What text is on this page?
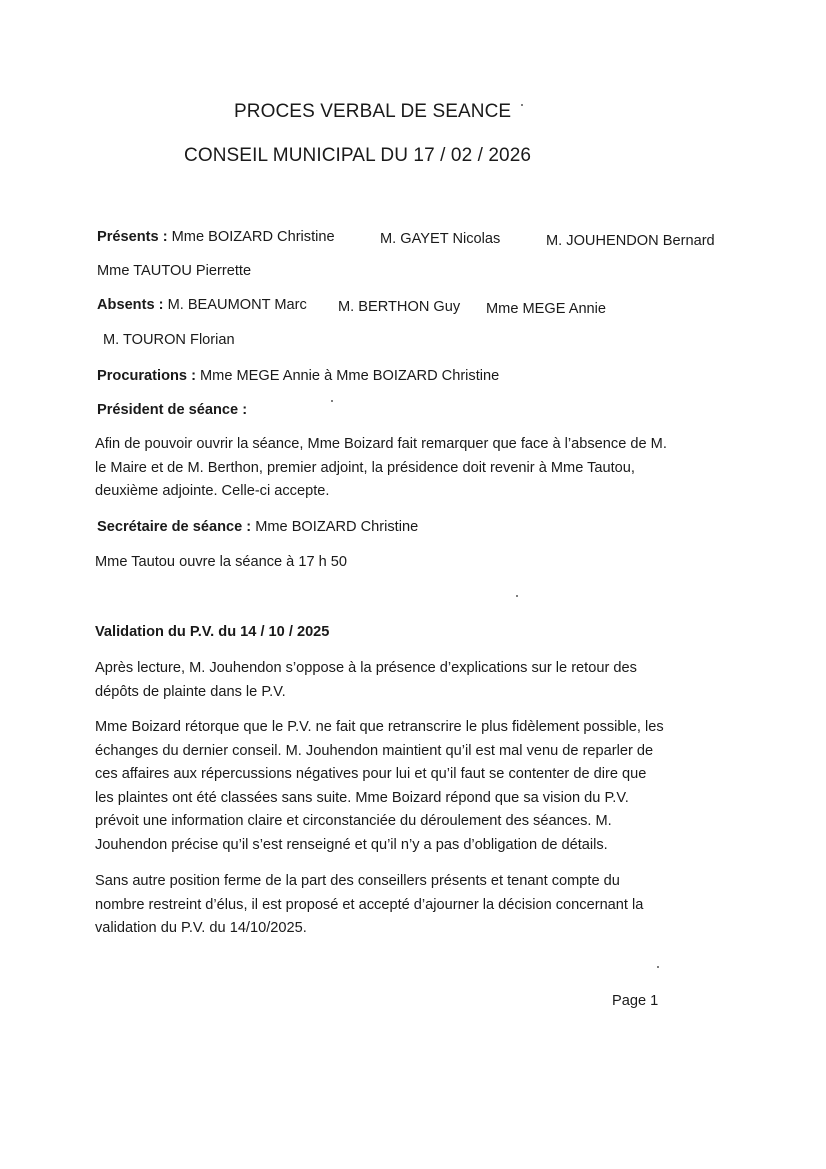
PROCES VERBAL DE SEANCE
CONSEIL MUNICIPAL DU 17 / 02 / 2026
Présents : Mme BOIZARD Christine	M. GAYET Nicolas	M. JOUHENDON Bernard
Mme TAUTOU Pierrette
Absents : M. BEAUMONT Marc M. BERTHON Guy Mme MEGE Annie
M. TOURON Florian
Procurations : Mme MEGE Annie à Mme BOIZARD Christine
Président de séance :
Afin de pouvoir ouvrir la séance, Mme Boizard fait remarquer que face à l’absence de M.
le Maire et de M. Berthon, premier adjoint, la présidence doit revenir à Mme Tautou,
deuxième adjointe. Celle-ci accepte.
Secrétaire de séance : Mme BOIZARD Christine
Mme Tautou ouvre la séance à 17 h 50
Validation du P.V. du 14 / 10 / 2025
Après lecture, M. Jouhendon s’oppose à la présence d’explications sur le retour des
dépôts de plainte dans le P.V.
Mme Boizard rétorque que le P.V. ne fait que retranscrire le plus fidèlement possible, les
échanges du dernier conseil. M. Jouhendon maintient qu’il est mal venu de reparler de
ces affaires aux répercussions négatives pour lui et qu’il faut se contenter de dire que
les plaintes ont été classées sans suite. Mme Boizard répond que sa vision du P.V.
prévoit une information claire et circonstanciée du déroulement des séances. M.
Jouhendon précise qu’il s’est renseigné et qu’il n’y a pas d’obligation de détails.
Sans autre position ferme de la part des conseillers présents et tenant compte du
nombre restreint d’élus, il est proposé et accepté d’ajourner la décision concernant la
validation du P.V. du 14/10/2025.
Page 1
